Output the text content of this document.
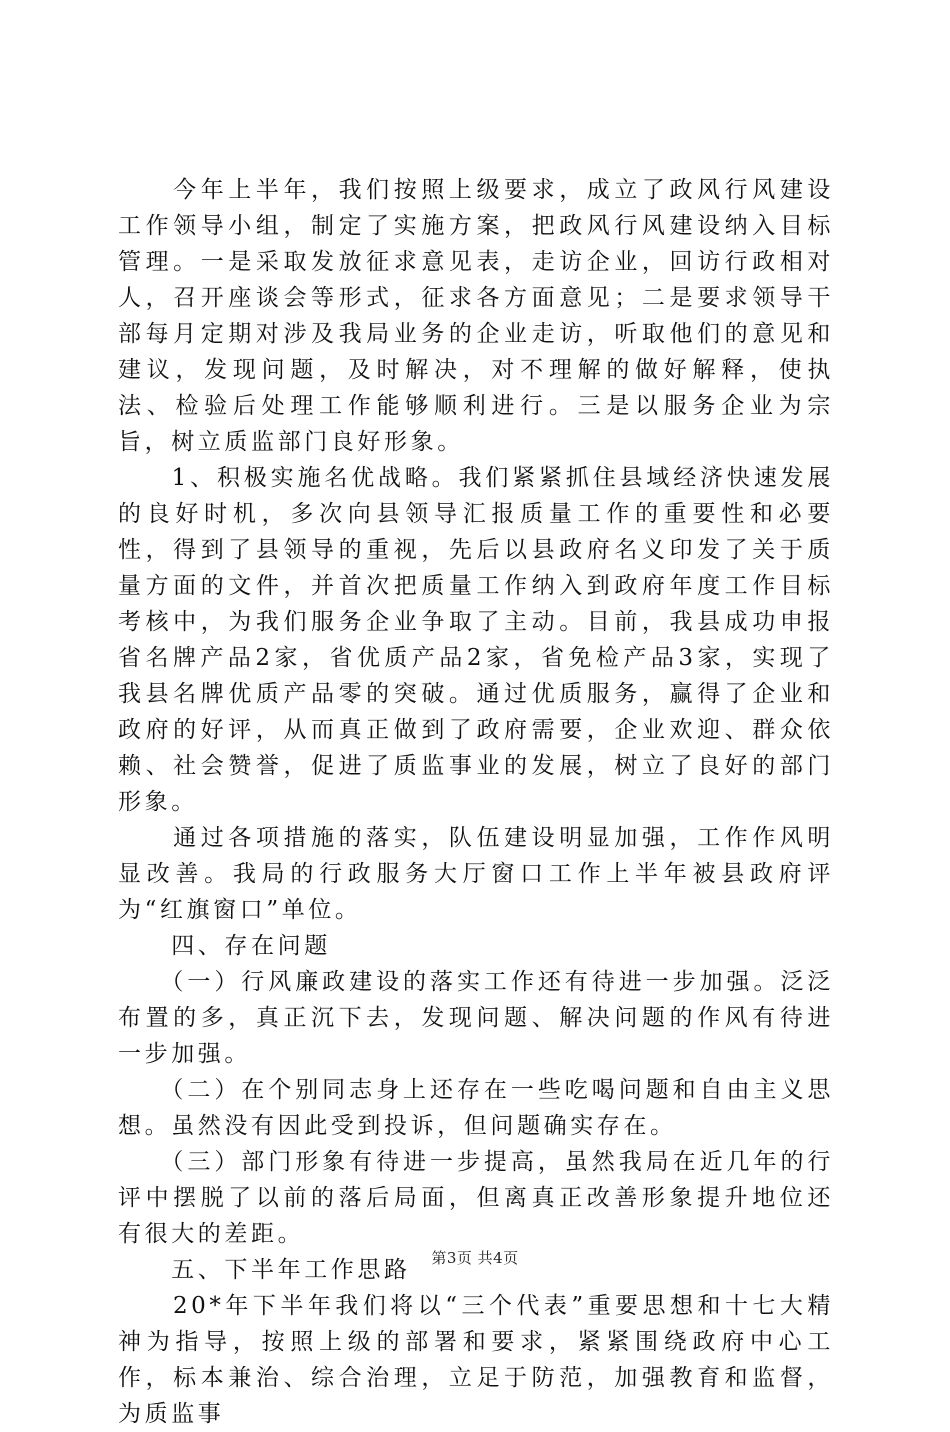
　　今年上半年，我们按照上级要求，成立了政风行风建设工作领导小组，制定了实施方案，把政风行风建设纳入目标管理。一是采取发放征求意见表，走访企业，回访行政相对人，召开座谈会等形式，征求各方面意见；二是要求领导干部每月定期对涉及我局业务的企业走访，听取他们的意见和建议，发现问题，及时解决，对不理解的做好解释，使执法、检验后处理工作能够顺利进行。三是以服务企业为宗旨，树立质监部门良好形象。

　　1、积极实施名优战略。我们紧紧抓住县域经济快速发展的良好时机，多次向县领导汇报质量工作的重要性和必要性，得到了县领导的重视，先后以县政府名义印发了关于质量方面的文件，并首次把质量工作纳入到政府年度工作目标考核中，为我们服务企业争取了主动。目前，我县成功申报省名牌产品2家，省优质产品2家，省免检产品3家，实现了我县名牌优质产品零的突破。通过优质服务，赢得了企业和政府的好评，从而真正做到了政府需要，企业欢迎、群众依赖、社会赞誉，促进了质监事业的发展，树立了良好的部门形象。

　　通过各项措施的落实，队伍建设明显加强，工作作风明显改善。我局的行政服务大厅窗口工作上半年被县政府评为“红旗窗口”单位。

　　四、存在问题

　　（一）行风廉政建设的落实工作还有待进一步加强。泛泛布置的多，真正沉下去，发现问题、解决问题的作风有待进一步加强。

　　（二）在个别同志身上还存在一些吃喝问题和自由主义思想。虽然没有因此受到投诉，但问题确实存在。

　　（三）部门形象有待进一步提高，虽然我局在近几年的行评中摆脱了以前的落后局面，但离真正改善形象提升地位还有很大的差距。

　　五、下半年工作思路

　　20*年下半年我们将以“三个代表”重要思想和十七大精神为指导，按照上级的部署和要求，紧紧围绕政府中心工作，标本兼治、综合治理，立足于防范，加强教育和监督，为质监事

第3页 共4页
